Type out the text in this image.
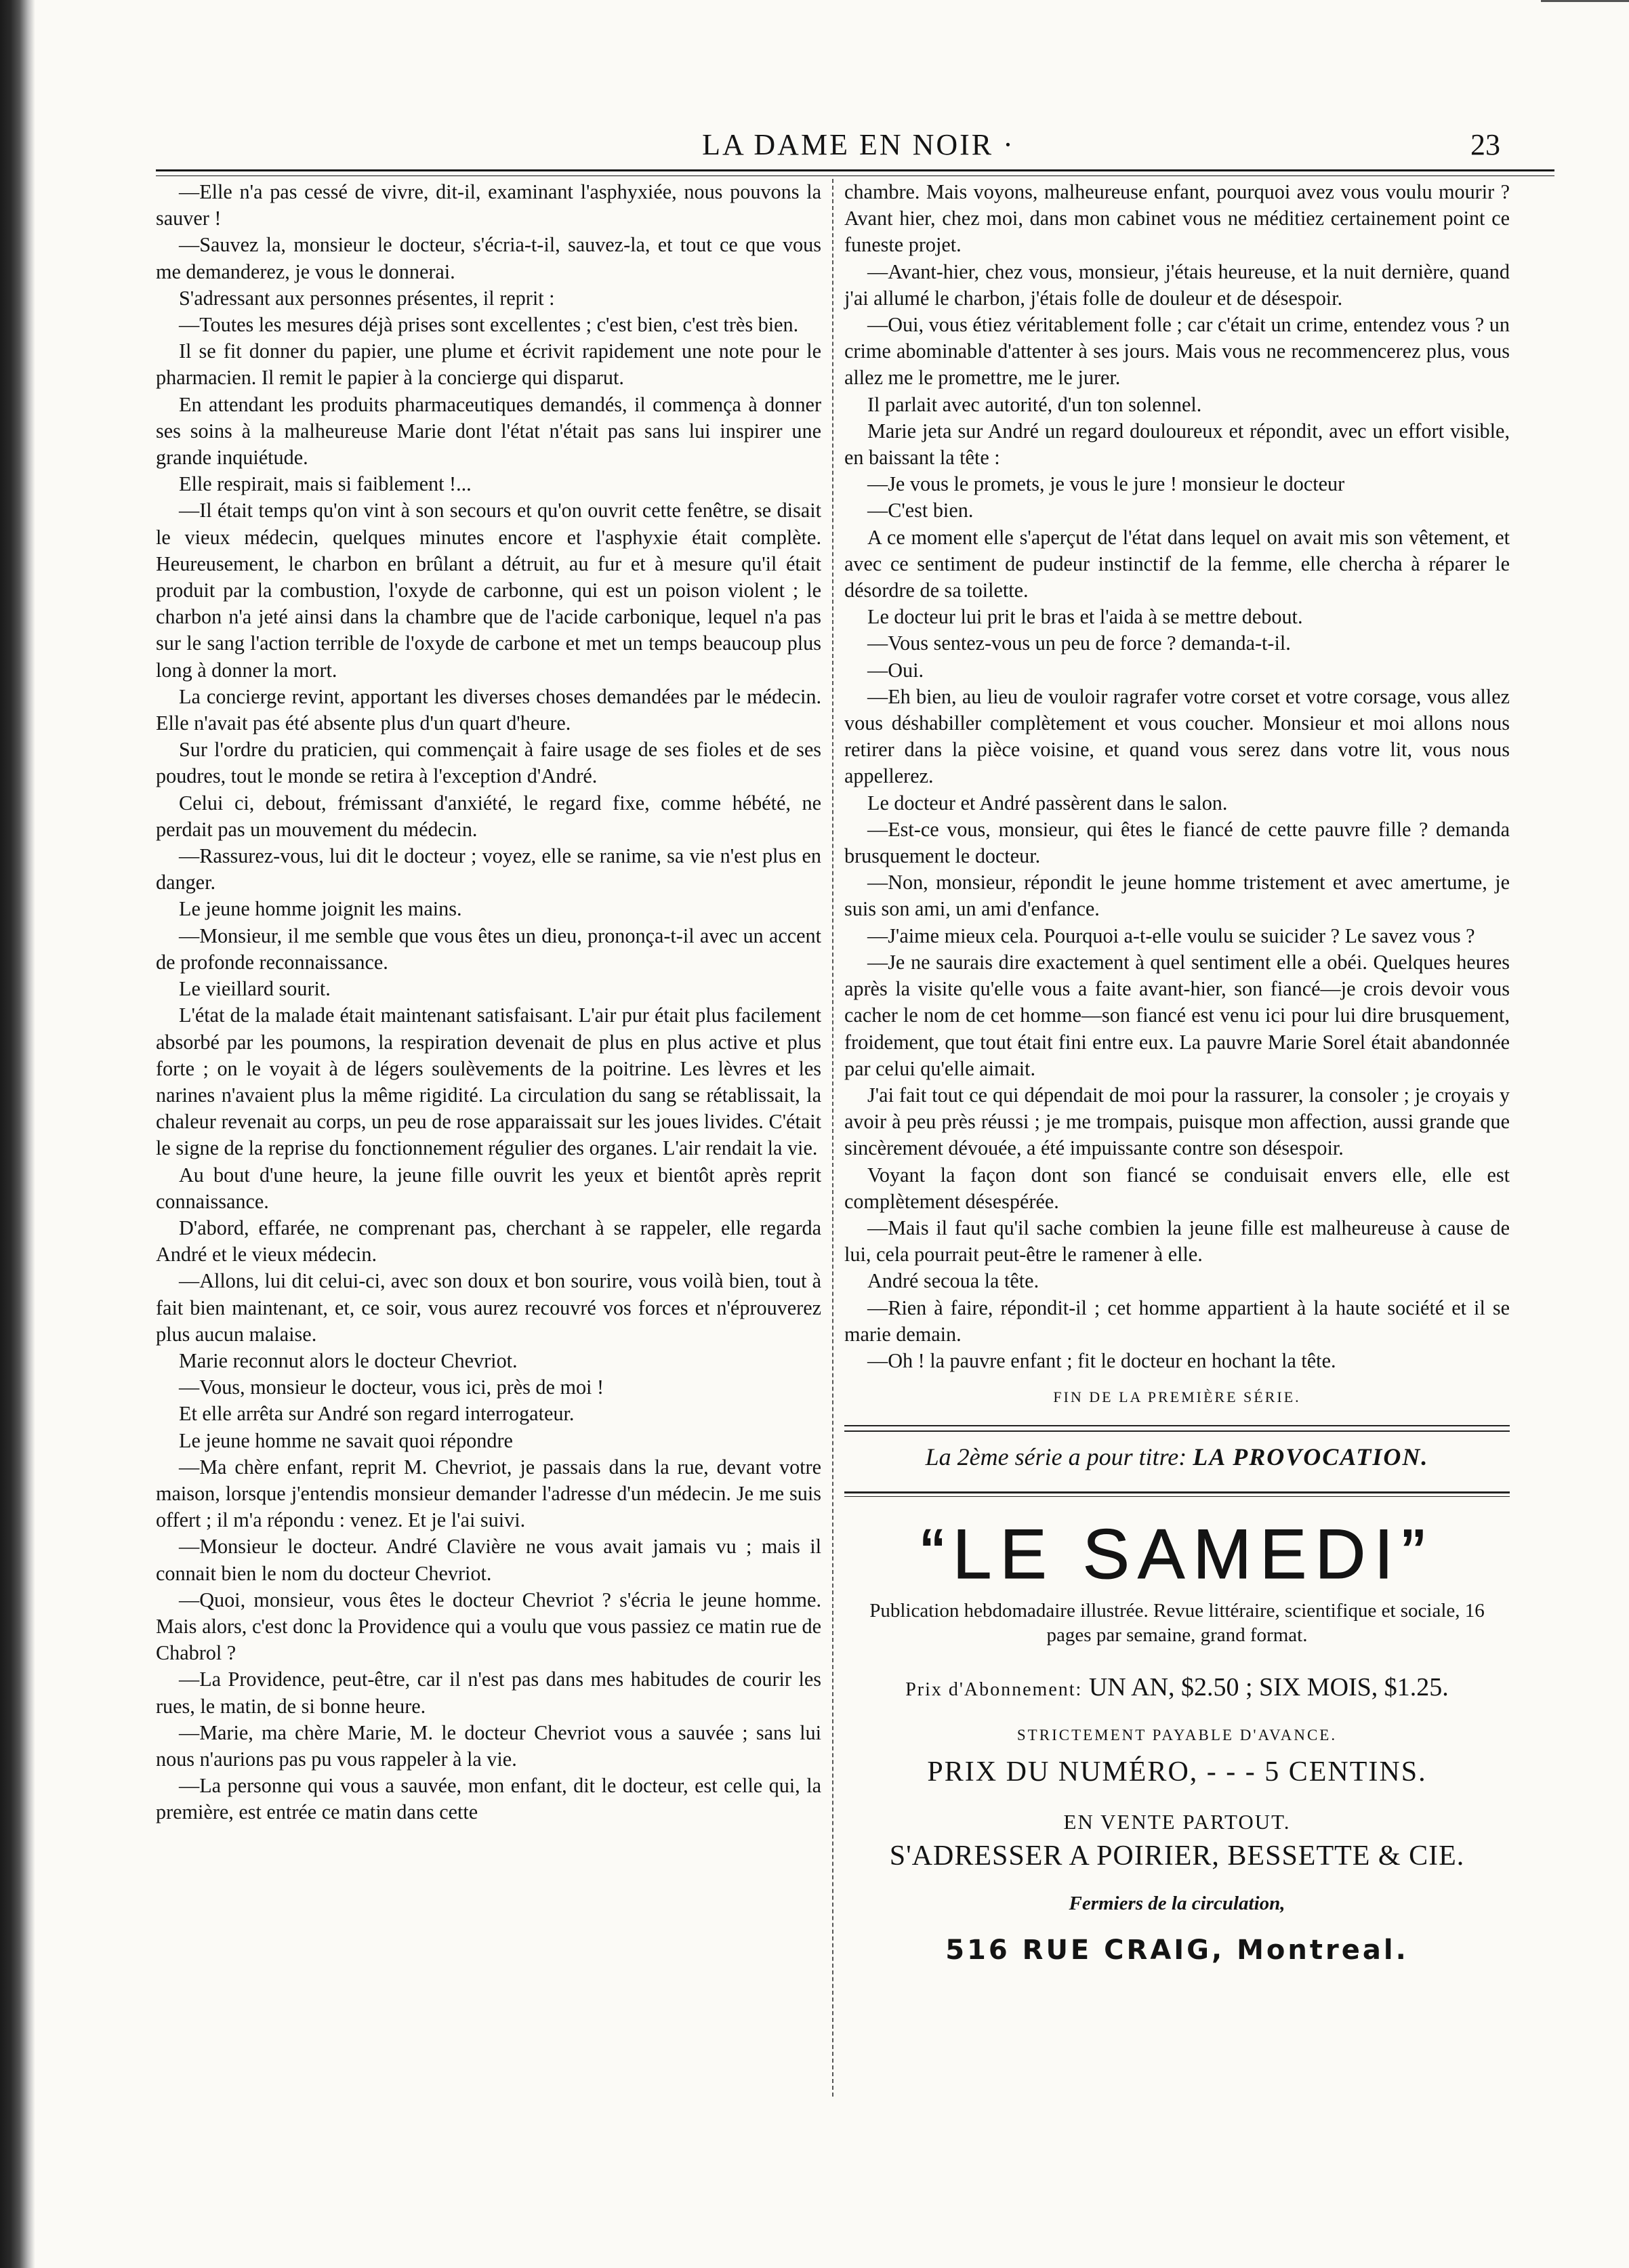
LA DAME EN NOIR ·	23

—Elle n'a pas cessé de vivre, dit-il, examinant l'asphyxiée, nous pouvons la sauver !

—Sauvez la, monsieur le docteur, s'écria-t-il, sauvez-la, et tout ce que vous me demanderez, je vous le donnerai.

S'adressant aux personnes présentes, il reprit :

—Toutes les mesures déjà prises sont excellentes ; c'est bien, c'est très bien.

Il se fit donner du papier, une plume et écrivit rapidement une note pour le pharmacien. Il remit le papier à la concierge qui disparut.

En attendant les produits pharmaceutiques demandés, il commença à donner ses soins à la malheureuse Marie dont l'état n'était pas sans lui inspirer une grande inquiétude.

Elle respirait, mais si faiblement !...

—Il était temps qu'on vint à son secours et qu'on ouvrit cette fenêtre, se disait le vieux médecin, quelques minutes encore et l'asphyxie était complète. Heureusement, le charbon en brûlant a détruit, au fur et à mesure qu'il était produit par la combustion, l'oxyde de carbonne, qui est un poison violent ; le charbon n'a jeté ainsi dans la chambre que de l'acide carbonique, lequel n'a pas sur le sang l'action terrible de l'oxyde de carbone et met un temps beaucoup plus long à donner la mort.

La concierge revint, apportant les diverses choses demandées par le médecin. Elle n'avait pas été absente plus d'un quart d'heure.

Sur l'ordre du praticien, qui commençait à faire usage de ses fioles et de ses poudres, tout le monde se retira à l'exception d'André.

Celui ci, debout, frémissant d'anxiété, le regard fixe, comme hébété, ne perdait pas un mouvement du médecin.

—Rassurez-vous, lui dit le docteur ; voyez, elle se ranime, sa vie n'est plus en danger.

Le jeune homme joignit les mains.

—Monsieur, il me semble que vous êtes un dieu, prononça-t-il avec un accent de profonde reconnaissance.

Le vieillard sourit.

L'état de la malade était maintenant satisfaisant. L'air pur était plus facilement absorbé par les poumons, la respiration devenait de plus en plus active et plus forte ; on le voyait à de légers soulèvements de la poitrine. Les lèvres et les narines n'avaient plus la même rigidité. La circulation du sang se rétablissait, la chaleur revenait au corps, un peu de rose apparaissait sur les joues livides. C'était le signe de la reprise du fonctionnement régulier des organes. L'air rendait la vie.

Au bout d'une heure, la jeune fille ouvrit les yeux et bientôt après reprit connaissance.

D'abord, effarée, ne comprenant pas, cherchant à se rappeler, elle regarda André et le vieux médecin.

—Allons, lui dit celui-ci, avec son doux et bon sourire, vous voilà bien, tout à fait bien maintenant, et, ce soir, vous aurez recouvré vos forces et n'éprouverez plus aucun malaise.

Marie reconnut alors le docteur Chevriot.

—Vous, monsieur le docteur, vous ici, près de moi !

Et elle arrêta sur André son regard interrogateur.

Le jeune homme ne savait quoi répondre

—Ma chère enfant, reprit M. Chevriot, je passais dans la rue, devant votre maison, lorsque j'entendis monsieur demander l'adresse d'un médecin. Je me suis offert ; il m'a répondu : venez. Et je l'ai suivi.

—Monsieur le docteur. André Clavière ne vous avait jamais vu ; mais il connait bien le nom du docteur Chevriot.

—Quoi, monsieur, vous êtes le docteur Chevriot ? s'écria le jeune homme. Mais alors, c'est donc la Providence qui a voulu que vous passiez ce matin rue de Chabrol ?

—La Providence, peut-être, car il n'est pas dans mes habitudes de courir les rues, le matin, de si bonne heure.

—Marie, ma chère Marie, M. le docteur Chevriot vous a sauvée ; sans lui nous n'aurions pas pu vous rappeler à la vie.

—La personne qui vous a sauvée, mon enfant, dit le docteur, est celle qui, la première, est entrée ce matin dans cette

chambre. Mais voyons, malheureuse enfant, pourquoi avez vous voulu mourir ? Avant hier, chez moi, dans mon cabinet vous ne méditiez certainement point ce funeste projet.

—Avant-hier, chez vous, monsieur, j'étais heureuse, et la nuit dernière, quand j'ai allumé le charbon, j'étais folle de douleur et de désespoir.

—Oui, vous étiez véritablement folle ; car c'était un crime, entendez vous ? un crime abominable d'attenter à ses jours. Mais vous ne recommencerez plus, vous allez me le promettre, me le jurer.

Il parlait avec autorité, d'un ton solennel.

Marie jeta sur André un regard douloureux et répondit, avec un effort visible, en baissant la tête :

—Je vous le promets, je vous le jure ! monsieur le docteur

—C'est bien.

A ce moment elle s'aperçut de l'état dans lequel on avait mis son vêtement, et avec ce sentiment de pudeur instinctif de la femme, elle chercha à réparer le désordre de sa toilette.

Le docteur lui prit le bras et l'aida à se mettre debout.

—Vous sentez-vous un peu de force ? demanda-t-il.

—Oui.

—Eh bien, au lieu de vouloir ragrafer votre corset et votre corsage, vous allez vous déshabiller complètement et vous coucher. Monsieur et moi allons nous retirer dans la pièce voisine, et quand vous serez dans votre lit, vous nous appellerez.

Le docteur et André passèrent dans le salon.

—Est-ce vous, monsieur, qui êtes le fiancé de cette pauvre fille ? demanda brusquement le docteur.

—Non, monsieur, répondit le jeune homme tristement et avec amertume, je suis son ami, un ami d'enfance.

—J'aime mieux cela. Pourquoi a-t-elle voulu se suicider ? Le savez vous ?

—Je ne saurais dire exactement à quel sentiment elle a obéi. Quelques heures après la visite qu'elle vous a faite avant-hier, son fiancé—je crois devoir vous cacher le nom de cet homme—son fiancé est venu ici pour lui dire brusquement, froidement, que tout était fini entre eux. La pauvre Marie Sorel était abandonnée par celui qu'elle aimait.

J'ai fait tout ce qui dépendait de moi pour la rassurer, la consoler ; je croyais y avoir à peu près réussi ; je me trompais, puisque mon affection, aussi grande que sincèrement dévouée, a été impuissante contre son désespoir.

Voyant la façon dont son fiancé se conduisait envers elle, elle est complètement désespérée.

—Mais il faut qu'il sache combien la jeune fille est malheureuse à cause de lui, cela pourrait peut-être le ramener à elle.

André secoua la tête.

—Rien à faire, répondit-il ; cet homme appartient à la haute société et il se marie demain.

—Oh ! la pauvre enfant ; fit le docteur en hochant la tête.

FIN DE LA PREMIÈRE SÉRIE.
La 2ème série a pour titre: LA PROVOCATION.
“LE SAMEDI”
Publication hebdomadaire illustrée. Revue littéraire, scientifique et sociale, 16 pages par semaine, grand format.
Prix d'Abonnement: UN AN, $2.50 ; SIX MOIS, $1.25.
STRICTEMENT PAYABLE D'AVANCE.
PRIX DU NUMÉRO, - - - 5 CENTINS.
EN VENTE PARTOUT.
S'ADRESSER A POIRIER, BESSETTE & CIE.
Fermiers de la circulation,
516 RUE CRAIG, Montreal.
